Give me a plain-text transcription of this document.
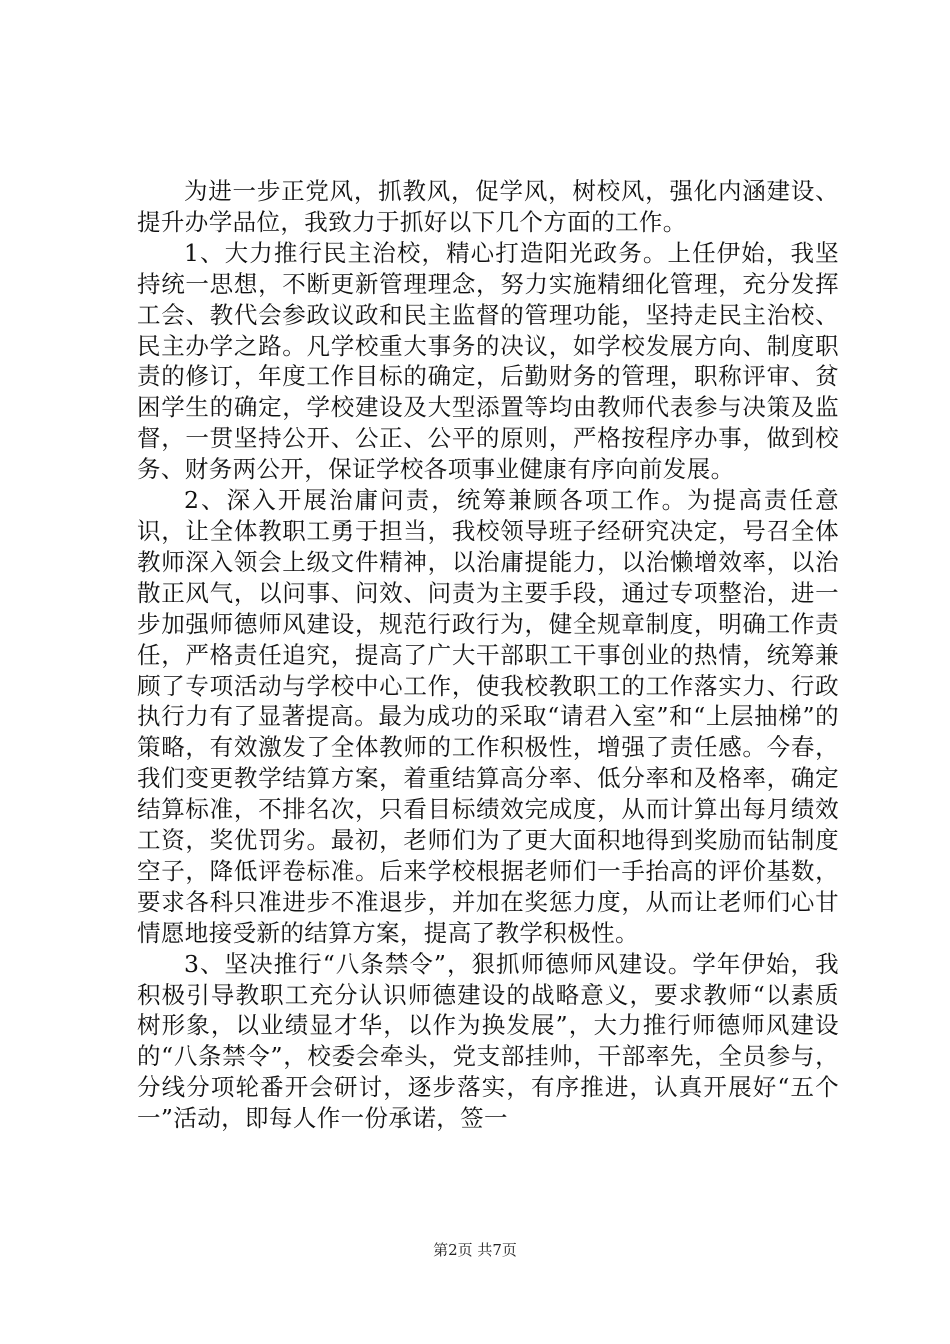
为进一步正党风，抓教风，促学风，树校风，强化内涵建设、提升办学品位，我致力于抓好以下几个方面的工作。

1、大力推行民主治校，精心打造阳光政务。上任伊始，我坚持统一思想，不断更新管理理念，努力实施精细化管理，充分发挥工会、教代会参政议政和民主监督的管理功能，坚持走民主治校、民主办学之路。凡学校重大事务的决议，如学校发展方向、制度职责的修订，年度工作目标的确定，后勤财务的管理，职称评审、贫困学生的确定，学校建设及大型添置等均由教师代表参与决策及监督，一贯坚持公开、公正、公平的原则，严格按程序办事，做到校务、财务两公开，保证学校各项事业健康有序向前发展。

2、深入开展治庸问责，统筹兼顾各项工作。为提高责任意识，让全体教职工勇于担当，我校领导班子经研究决定，号召全体教师深入领会上级文件精神，以治庸提能力，以治懒增效率，以治散正风气，以问事、问效、问责为主要手段，通过专项整治，进一步加强师德师风建设，规范行政行为，健全规章制度，明确工作责任，严格责任追究，提高了广大干部职工干事创业的热情，统筹兼顾了专项活动与学校中心工作，使我校教职工的工作落实力、行政执行力有了显著提高。最为成功的采取“请君入室”和“上层抽梯”的策略，有效激发了全体教师的工作积极性，增强了责任感。今春，我们变更教学结算方案，着重结算高分率、低分率和及格率，确定结算标准，不排名次，只看目标绩效完成度，从而计算出每月绩效工资，奖优罚劣。最初，老师们为了更大面积地得到奖励而钻制度空子，降低评卷标准。后来学校根据老师们一手抬高的评价基数，要求各科只准进步不准退步，并加在奖惩力度，从而让老师们心甘情愿地接受新的结算方案，提高了教学积极性。

3、坚决推行“八条禁令”，狠抓师德师风建设。学年伊始，我积极引导教职工充分认识师德建设的战略意义，要求教师“以素质树形象，以业绩显才华，以作为换发展”，大力推行师德师风建设的“八条禁令”，校委会牵头，党支部挂帅，干部率先，全员参与，分线分项轮番开会研讨，逐步落实，有序推进，认真开展好“五个一”活动，即每人作一份承诺，签一

第2页 共7页
